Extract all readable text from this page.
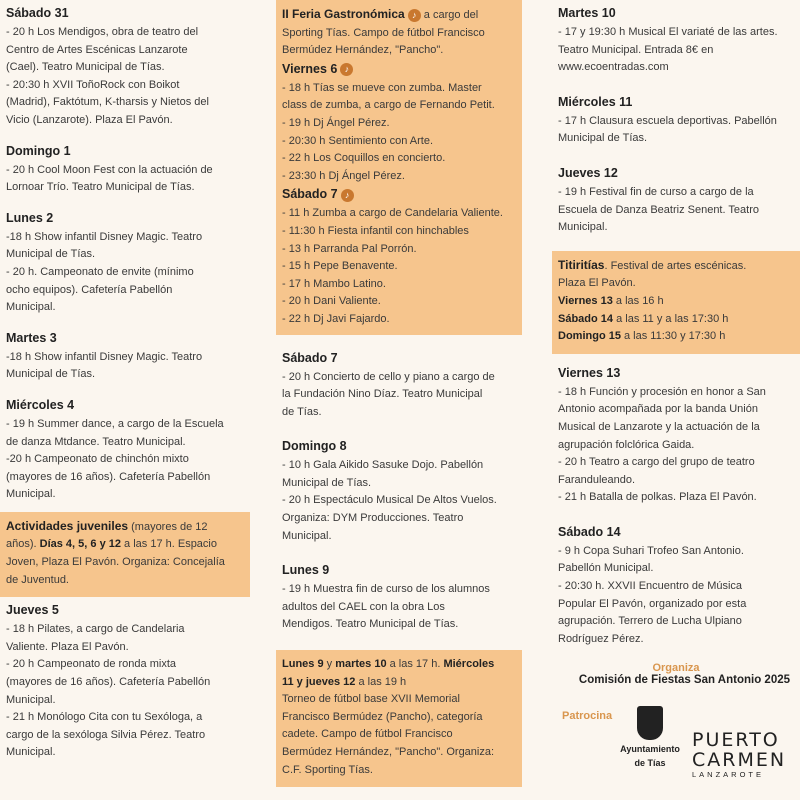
Sábado 31
- 20 h Los Mendigos, obra de teatro del
Centro de Artes Escénicas Lanzarote
(Cael). Teatro Municipal de Tías.
- 20:30 h XVII ToñoRock con Boikot
(Madrid), Faktótum, K-tharsis y Nietos del
Vicio (Lanzarote). Plaza El Pavón.
Domingo 1
- 20 h Cool Moon Fest con la actuación de
Lornoar Trío. Teatro Municipal de Tías.
Lunes 2
-18 h Show infantil Disney Magic. Teatro
Municipal de Tías.
- 20 h. Campeonato de envite (mínimo
ocho equipos). Cafetería Pabellón
Municipal.
Martes 3
-18 h Show infantil Disney Magic. Teatro
Municipal de Tías.
Miércoles 4
- 19 h Summer dance, a cargo de la Escuela
de danza Mtdance. Teatro Municipal.
-20 h Campeonato de chinchón mixto
(mayores de 16 años). Cafetería Pabellón
Municipal.
Actividades juveniles (mayores de 12
años). Días 4, 5, 6 y 12 a las 17 h. Espacio
Joven, Plaza El Pavón. Organiza: Concejalía
de Juventud.
Jueves 5
- 18 h Pilates, a cargo de Candelaria
Valiente. Plaza El Pavón.
- 20 h Campeonato de ronda mixta
(mayores de 16 años). Cafetería Pabellón
Municipal.
- 21 h Monólogo Cita con tu Sexóloga, a
cargo de la sexóloga Silvia Pérez. Teatro
Municipal.
II Feria Gastronómica ♪ a cargo del
Sporting Tías. Campo de fútbol Francisco
Bermúdez Hernández, "Pancho".
Viernes 6 ♪
- 18 h Tías se mueve con zumba. Master
class de zumba, a cargo de Fernando Petit.
- 19 h Dj Ángel Pérez.
- 20:30 h Sentimiento con Arte.
- 22 h Los Coquillos en concierto.
- 23:30 h Dj Ángel Pérez.
Sábado 7 ♪
- 11 h Zumba a cargo de Candelaria Valiente.
- 11:30 h Fiesta infantil con hinchables
- 13 h Parranda Pal Porrón.
- 15 h Pepe Benavente.
- 17 h Mambo Latino.
- 20 h Dani Valiente.
- 22 h Dj Javi Fajardo.
Sábado 7
- 20 h Concierto de cello y piano a cargo de
la Fundación Nino Díaz. Teatro Municipal
de Tías.
Domingo 8
- 10 h Gala Aikido Sasuke Dojo. Pabellón
Municipal de Tías.
- 20 h Espectáculo Musical De Altos Vuelos.
Organiza: DYM Producciones. Teatro
Municipal.
Lunes 9
- 19 h Muestra fin de curso de los alumnos
adultos del CAEL con la obra Los
Mendigos. Teatro Municipal de Tías.
Lunes 9 y martes 10 a las 17 h. Miércoles
11 y jueves 12 a las 19 h
Torneo de fútbol base XVII Memorial
Francisco Bermúdez (Pancho), categoría
cadete. Campo de fútbol Francisco
Bermúdez Hernández, "Pancho". Organiza:
C.F. Sporting Tías.
Martes 10
- 17 y 19:30 h Musical El variaté de las artes.
Teatro Municipal. Entrada 8€ en
www.ecoentradas.com
Miércoles 11
- 17 h Clausura escuela deportivas. Pabellón
Municipal de Tías.
Jueves 12
- 19 h Festival fin de curso a cargo de la
Escuela de Danza Beatriz Senent. Teatro
Municipal.
Titiritías. Festival de artes escénicas.
Plaza El Pavón.
Viernes 13 a las 16 h
Sábado 14 a las 11 y a las 17:30 h
Domingo 15 a las 11:30 y 17:30 h
Viernes 13
- 18 h Función y procesión en honor a San
Antonio acompañada por la banda Unión
Musical de Lanzarote y la actuación de la
agrupación folclórica Gaida.
- 20 h Teatro a cargo del grupo de teatro
Faranduleando.
- 21 h Batalla de polkas. Plaza El Pavón.
Sábado 14
- 9 h Copa Suhari Trofeo San Antonio.
Pabellón Municipal.
- 20:30 h. XXVII Encuentro de Música
Popular El Pavón, organizado por esta
agrupación. Terrero de Lucha Ulpiano
Rodríguez Pérez.
Organiza
Comisión de Fiestas San Antonio 2025
Patrocina
Ayuntamiento
de Tías
PUERTO
CARMEN
LANZAROTE
